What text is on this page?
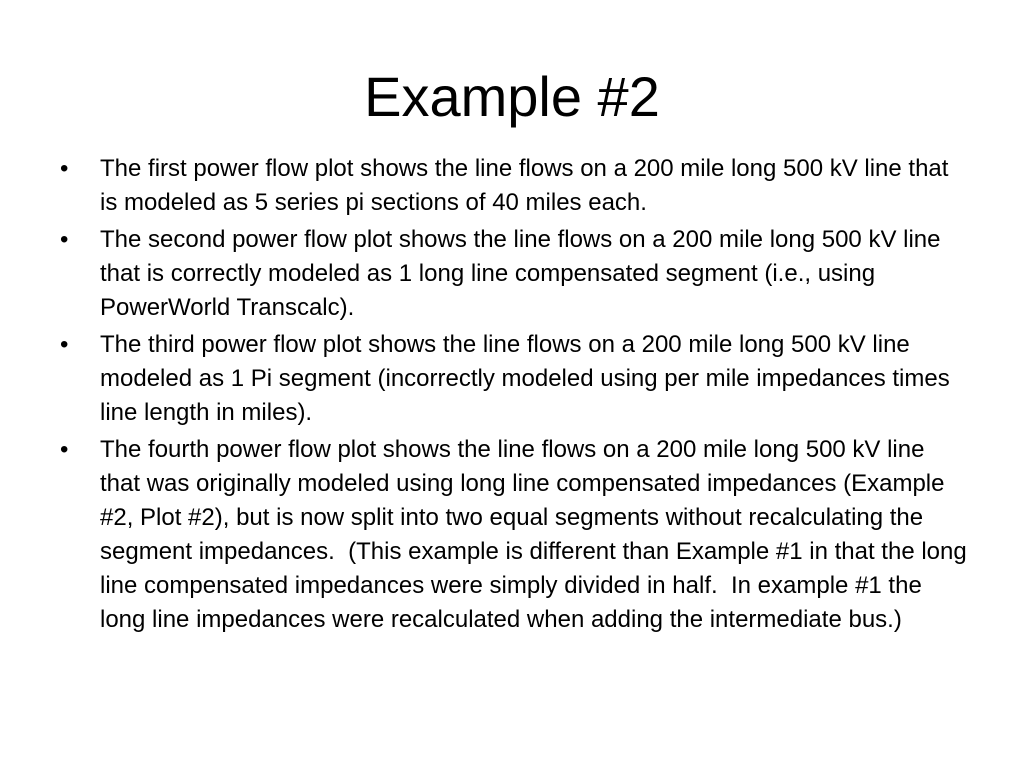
Example #2
•	The first power flow plot shows the line flows on a 200 mile long 500 kV line that is modeled as 5 series pi sections of 40 miles each.
•	The second power flow plot shows the line flows on a 200 mile long 500 kV line that is correctly modeled as 1 long line compensated segment (i.e., using PowerWorld Transcalc).
•	The third power flow plot shows the line flows on a 200 mile long 500 kV line modeled as 1 Pi segment (incorrectly modeled using per mile impedances times line length in miles).
•	The fourth power flow plot shows the line flows on a 200 mile long 500 kV line that was originally modeled using long line compensated impedances (Example #2, Plot #2), but is now split into two equal segments without recalculating the segment impedances.  (This example is different than Example #1 in that the long line compensated impedances were simply divided in half.  In example #1 the long line impedances were recalculated when adding the intermediate bus.)
